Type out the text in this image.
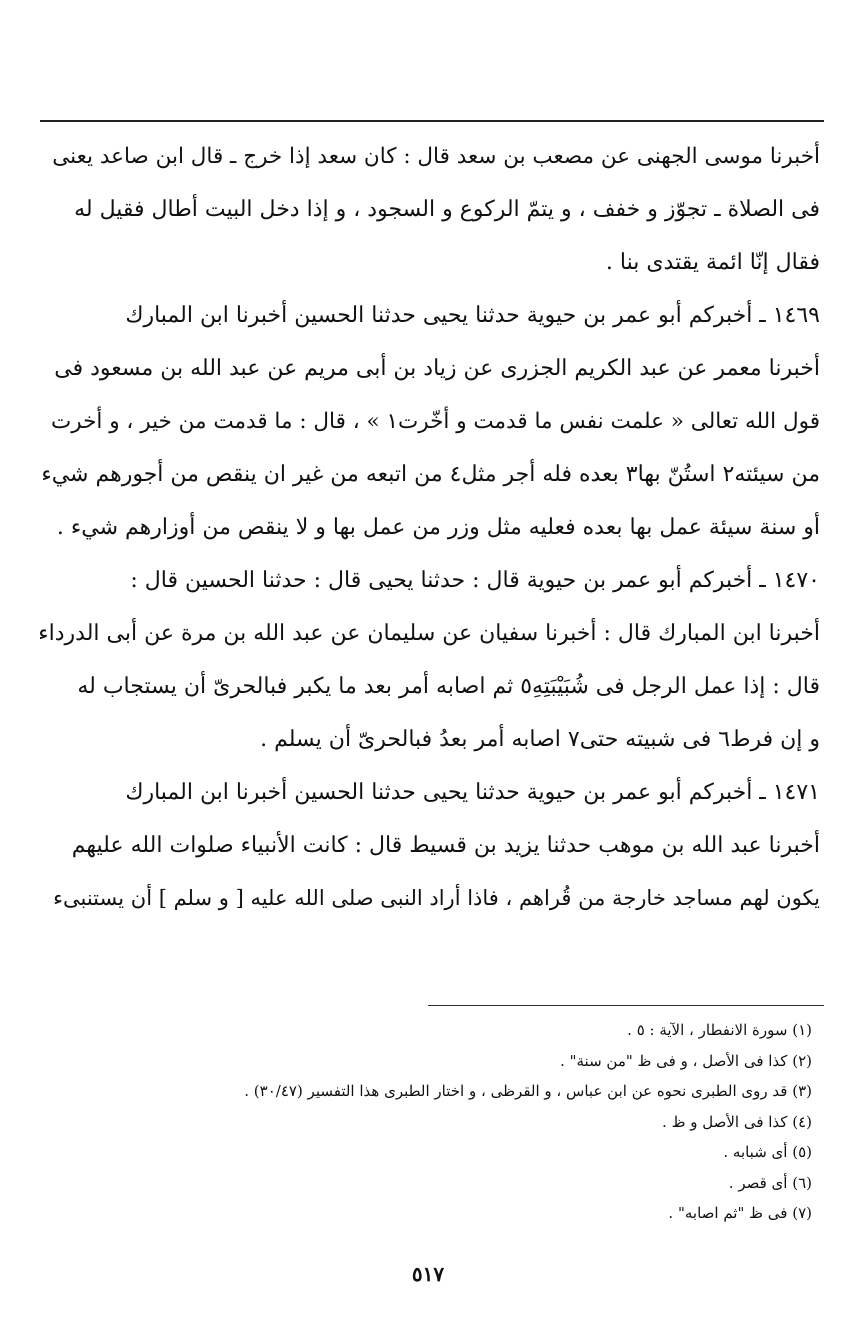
أخبرنا موسى الجهنى عن مصعب بن سعد قال : كان سعد إذا خرج ـ قال ابن صاعد يعنى
فى الصلاة ـ تجوّز و خفف ، و يتمّ الركوع و السجود ، و إذا دخل البيت أطال فقيل له
فقال إنّا ائمة يقتدى بنا .
١٤٦٩ ـ أخبركم أبو عمر بن حيوية حدثنا يحيى حدثنا الحسين أخبرنا ابن المبارك
أخبرنا معمر عن عبد الكريم الجزرى عن زياد بن أبى مريم عن عبد الله بن مسعود فى
قول الله تعالى « علمت نفس ما قدمت و أخّرت١ » ، قال : ما قدمت من خير ، و أخرت
من سيئته٢ استُنّ بها٣ بعده فله أجر مثل٤ من اتبعه من غير ان ينقص من أجورهم شيء
أو سنة سيئة عمل بها بعده فعليه مثل وزر من عمل بها و لا ينقص من أوزارهم شيء .
١٤٧٠ ـ أخبركم أبو عمر بن حيوية قال : حدثنا يحيى قال : حدثنا الحسين قال :
أخبرنا ابن المبارك قال : أخبرنا سفيان عن سليمان عن عبد الله بن مرة عن أبى الدرداء
قال : إذا عمل الرجل فى شُبَيْبَتِهِ٥ ثم اصابه أمر بعد ما يكبر فبالحرىّ أن يستجاب له
و إن فرط٦ فى شبيته حتى٧ اصابه أمر بعدُ فبالحرىّ أن يسلم .
١٤٧١ ـ أخبركم أبو عمر بن حيوية حدثنا يحيى حدثنا الحسين أخبرنا ابن المبارك
أخبرنا عبد الله بن موهب حدثنا يزيد بن قسيط قال : كانت الأنبياء صلوات الله عليهم
يكون لهم مساجد خارجة من قُراهم ، فاذا أراد النبى صلى الله عليه [ و سلم ] أن يستنبىء
(١) سورة الانفطار ، الآية : ٥ .
(٢) كذا فى الأصل ، و فى ظ "من سنة" .
(٣) قد روى الطبرى نحوه عن ابن عباس ، و القرظى ، و اختار الطبرى هذا التفسير (٣٠/٤٧) .
(٤) كذا فى الأصل و ظ .
(٥) أى شبابه .
(٦) أى قصر .
(٧) فى ظ "ثم اصابه" .
٥١٧
